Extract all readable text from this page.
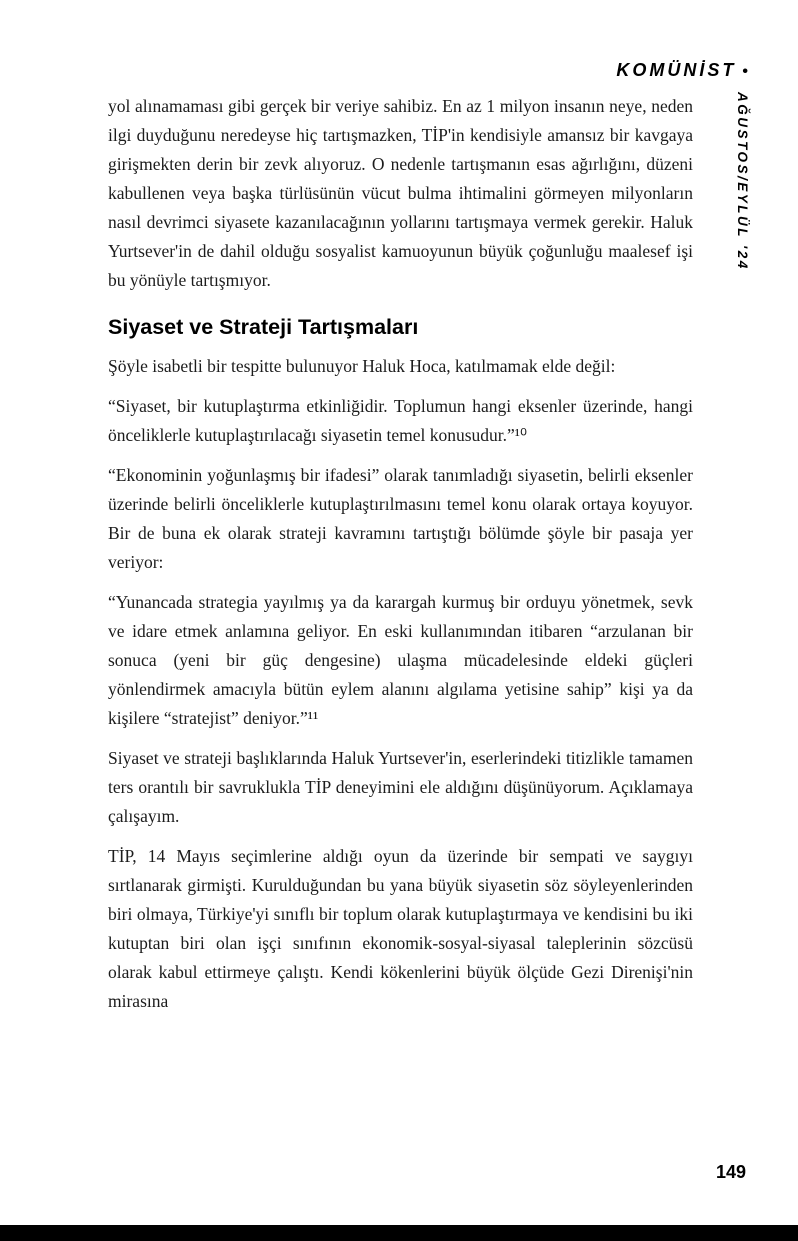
KOMÜNİST •
AĞUSTOS/EYLÜL '24

yol alınamaması gibi gerçek bir veriye sahibiz. En az 1 milyon insanın neye, neden ilgi duyduğunu neredeyse hiç tartışmazken, TİP'in kendisiyle amansız bir kavgaya girişmekten derin bir zevk alıyoruz. O nedenle tartışmanın esas ağırlığını, düzeni kabullenen veya başka türlüsünün vücut bulma ihtimalini görmeyen milyonların nasıl devrimci siyasete kazanılacağının yollarını tartışmaya vermek gerekir. Haluk Yurtsever'in de dahil olduğu sosyalist kamuoyunun büyük çoğunluğu maalesef işi bu yönüyle tartışmıyor.

Siyaset ve Strateji Tartışmaları

Şöyle isabetli bir tespitte bulunuyor Haluk Hoca, katılmamak elde değil:

“Siyaset, bir kutuplaştırma etkinliğidir. Toplumun hangi eksenler üzerinde, hangi önceliklerle kutuplaştırılacağı siyasetin temel konusudur.”¹⁰

“Ekonominin yoğunlaşmış bir ifadesi” olarak tanımladığı siyasetin, belirli eksenler üzerinde belirli önceliklerle kutuplaştırılmasını temel konu olarak ortaya koyuyor. Bir de buna ek olarak strateji kavramını tartıştığı bölümde şöyle bir pasaja yer veriyor:

“Yunancada strategia yayılmış ya da karargah kurmuş bir orduyu yönetmek, sevk ve idare etmek anlamına geliyor. En eski kullanımından itibaren “arzulanan bir sonuca (yeni bir güç dengesine) ulaşma mücadelesinde eldeki güçleri yönlendirmek amacıyla bütün eylem alanını algılama yetisine sahip” kişi ya da kişilere “stratejist” deniyor.”¹¹

Siyaset ve strateji başlıklarında Haluk Yurtsever'in, eserlerindeki titizlikle tamamen ters orantılı bir savruklukla TİP deneyimini ele aldığını düşünüyorum. Açıklamaya çalışayım.

TİP, 14 Mayıs seçimlerine aldığı oyun da üzerinde bir sempati ve saygıyı sırtlanarak girmişti. Kurulduğundan bu yana büyük siyasetin söz söyleyenlerinden biri olmaya, Türkiye'yi sınıflı bir toplum olarak kutuplaştırmaya ve kendisini bu iki kutuptan biri olan işçi sınıfının ekonomik-sosyal-siyasal taleplerinin sözcüsü olarak kabul ettirmeye çalıştı. Kendi kökenlerini büyük ölçüde Gezi Direnişi'nin mirasına

149
